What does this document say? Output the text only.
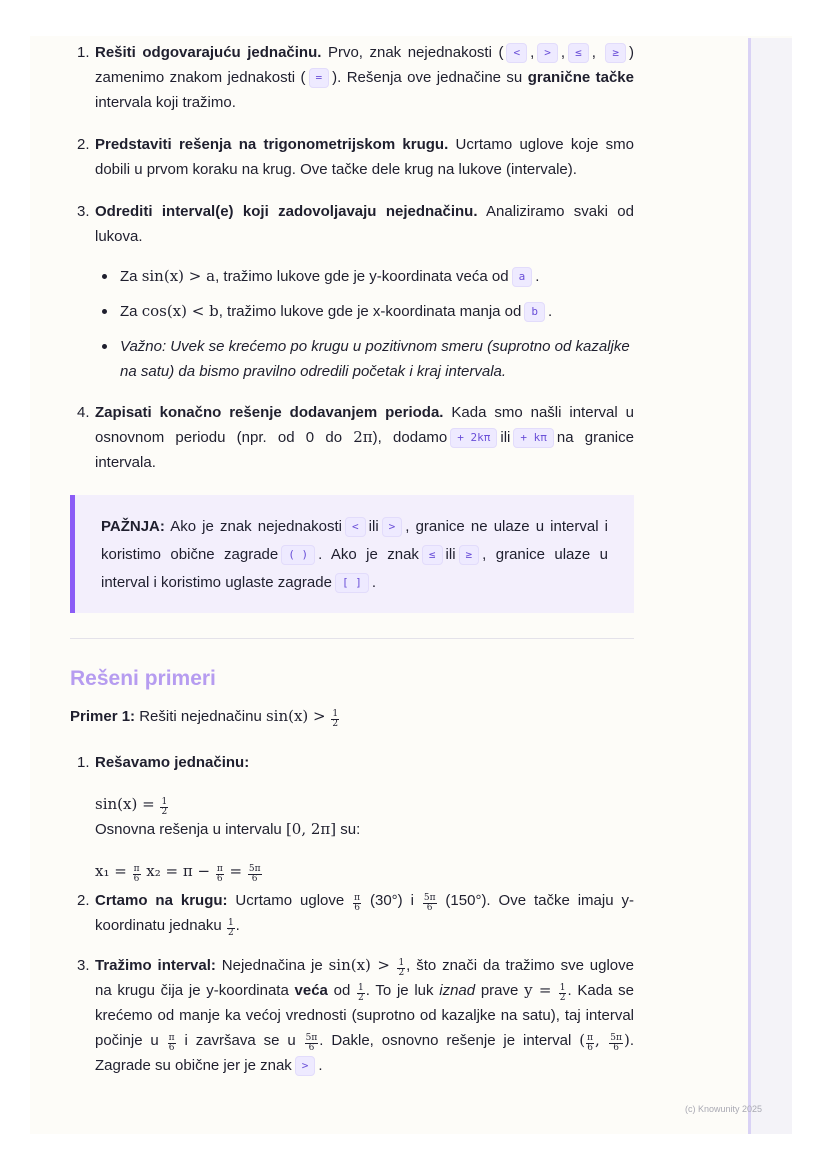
1. Rešiti odgovarajuću jednačinu. Prvo, znak nejednakosti ( < , > , ≤ , ≥ ) zamenimo znakom jednakosti ( = ). Rešenja ove jednačine su granične tačke intervala koji tražimo.
2. Predstaviti rešenja na trigonometrijskom krugu. Ucrtamo uglove koje smo dobili u prvom koraku na krug. Ove tačke dele krug na lukove (intervale).
3. Odrediti interval(e) koji zadovoljavaju nejednačinu. Analiziramo svaki od lukova.
Za sin(x) > a, tražimo lukove gde je y-koordinata veća od a .
Za cos(x) < b, tražimo lukove gde je x-koordinata manja od b .
Važno: Uvek se krećemo po krugu u pozitivnom smeru (suprotno od kazaljke na satu) da bismo pravilno odredili početak i kraj intervala.
4. Zapisati konačno rešenje dodavanjem perioda. Kada smo našli interval u osnovnom periodu (npr. od 0 do 2π), dodamo + 2kπ ili + kπ na granice intervala.
PAŽNJA: Ako je znak nejednakosti < ili > , granice ne ulaze u interval i koristimo obične zagrade ( ) . Ako je znak ≤ ili ≥ , granice ulaze u interval i koristimo uglaste zagrade [ ] .
Rešeni primeri
Primer 1: Rešiti nejednačinu $\sin(x) > \frac{1}{2}$
1. Rešavamo jednačinu:
$\sin(x) = \frac{1}{2}$
Osnovna rešenja u intervalu [0, 2π] su:
$x_1 = \frac{\pi}{6} x_2 = \pi - \frac{\pi}{6} = \frac{5\pi}{6}$
2. Crtamo na krugu: Ucrtamo uglove $\frac{\pi}{6} (30^\circ)$ i $\frac{5\pi}{6} (150^\circ)$. Ove tačke imaju y-koordinatu jednaku $\frac{1}{2}$ .
3. Tražimo interval: Nejednačina je $\sin(x) > \frac{1}{2}$ , što znači da tražimo sve uglove na krugu čija je y-koordinata veća od $\frac{1}{2}$ . To je luk iznad prave $y = \frac{1}{2}$ . Kada se krećemo od manje ka većoj vrednosti (suprotno od kazaljke na satu), taj interval počinje u $\frac{\pi}{6}$ i završava se u $\frac{5\pi}{6}$ . Dakle, osnovno rešenje je interval ( $\frac{\pi}{6}$ , $\frac{5\pi}{6}$ ). Zagrade su obične jer je znak > .
(c) Knowunity 2025
